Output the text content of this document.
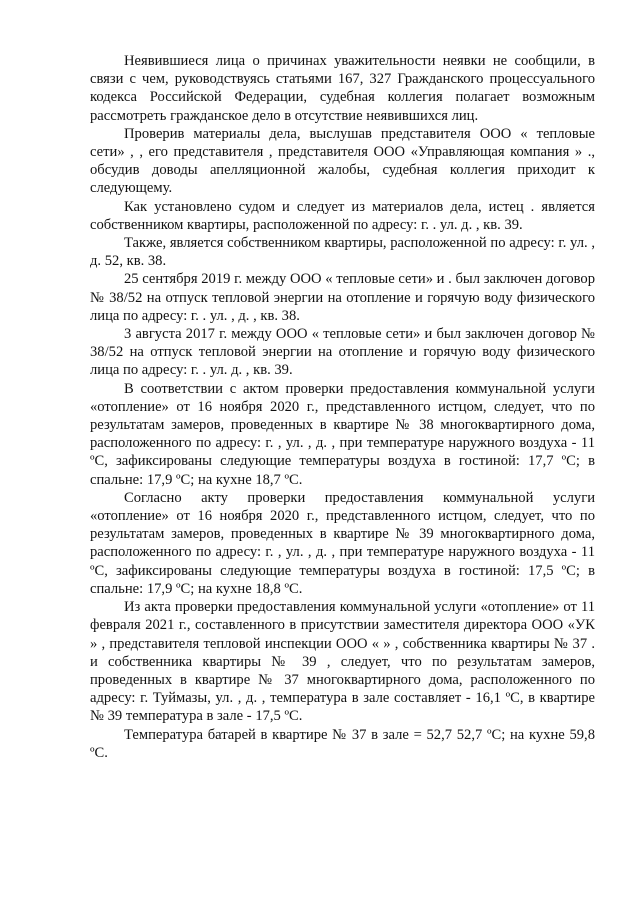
Неявившиеся лица о причинах уважительности неявки не сообщили, в связи с чем, руководствуясь статьями 167, 327 Гражданского процессуального кодекса Российской Федерации, судебная коллегия полагает возможным рассмотреть гражданское дело в отсутствие неявившихся лиц.

Проверив материалы дела, выслушав представителя ООО « тепловые сети» , , его представителя , представителя ООО «Управляющая компания » ., обсудив доводы апелляционной жалобы, судебная коллегия приходит к следующему.

Как установлено судом и следует из материалов дела, истец . является собственником квартиры, расположенной по адресу: г. . ул. д. , кв. 39.

Также, является собственником квартиры, расположенной по адресу: г. ул. , д. 52, кв. 38.

25 сентября 2019 г. между ООО « тепловые сети» и . был заключен договор № 38/52 на отпуск тепловой энергии на отопление и горячую воду физического лица по адресу: г. . ул. , д. , кв. 38.

3 августа 2017 г. между ООО « тепловые сети» и был заключен договор № 38/52 на отпуск тепловой энергии на отопление и горячую воду физического лица по адресу: г. . ул. д. , кв. 39.

В соответствии с актом проверки предоставления коммунальной услуги «отопление» от 16 ноября 2020 г., представленного истцом, следует, что по результатам замеров, проведенных в квартире № 38 многоквартирного дома, расположенного по адресу: г. , ул. , д. , при температуре наружного воздуха - 11 ºС, зафиксированы следующие температуры воздуха в гостиной: 17,7 ºС; в спальне: 17,9 ºС; на кухне 18,7 ºС.

Согласно акту проверки предоставления коммунальной услуги «отопление» от 16 ноября 2020 г., представленного истцом, следует, что по результатам замеров, проведенных в квартире № 39 многоквартирного дома, расположенного по адресу: г. , ул. , д. , при температуре наружного воздуха - 11 ºС, зафиксированы следующие температуры воздуха в гостиной: 17,5 ºС; в спальне: 17,9 ºС; на кухне 18,8 ºС.

Из акта проверки предоставления коммунальной услуги «отопление» от 11 февраля 2021 г., составленного в присутствии заместителя директора ООО «УК » , представителя тепловой инспекции ООО « » , собственника квартиры № 37 . и собственника квартиры № 39 , следует, что по результатам замеров, проведенных в квартире № 37 многоквартирного дома, расположенного по адресу: г. Туймазы, ул. , д. , температура в зале составляет - 16,1 ºС, в квартире № 39 температура в зале - 17,5 ºС.

Температура батарей в квартире № 37 в зале = 52,7 52,7 ºС; на кухне 59,8 ºС.
